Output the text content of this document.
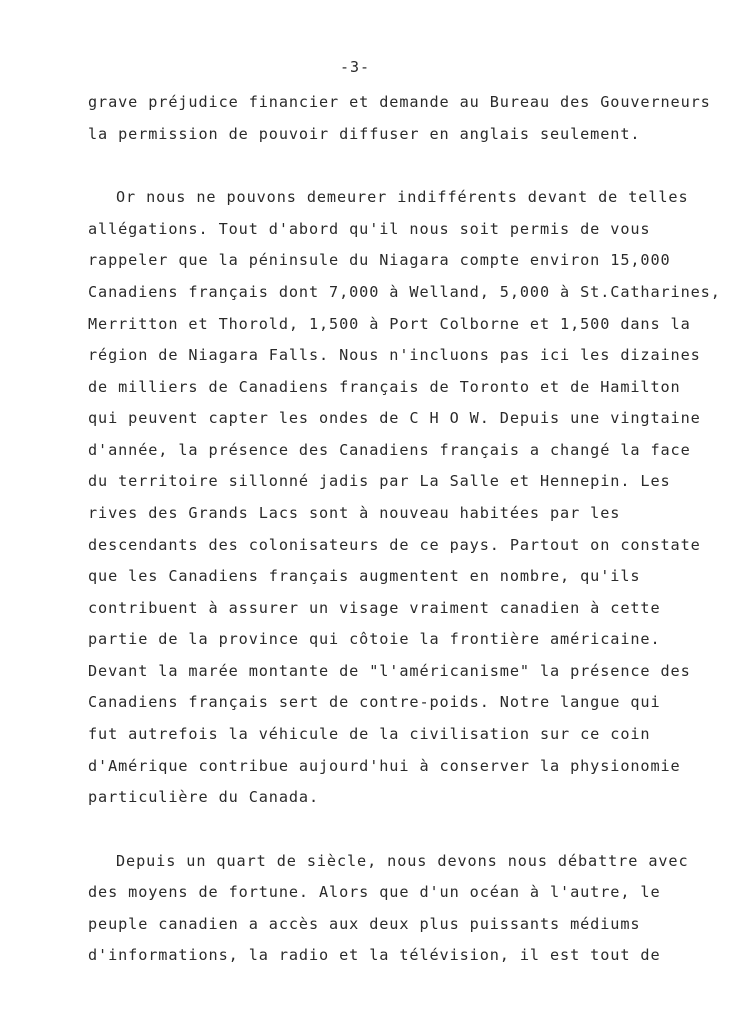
-3-
grave préjudice financier et demande au Bureau des Gouverneurs
la permission de pouvoir diffuser en anglais seulement.
Or nous ne pouvons demeurer indifférents devant de telles
allégations. Tout d'abord qu'il nous soit permis de vous
rappeler que la péninsule du Niagara compte environ 15,000
Canadiens français dont 7,000 à Welland, 5,000 à St.Catharines,
Merritton et Thorold, 1,500 à Port Colborne et 1,500 dans la
région de Niagara Falls. Nous n'incluons pas ici les dizaines
de milliers de Canadiens français de Toronto et de Hamilton
qui peuvent capter les ondes de C H O W. Depuis une vingtaine
d'année, la présence des Canadiens français a changé la face
du territoire sillonné jadis par La Salle et Hennepin. Les
rives des Grands Lacs sont à nouveau habitées par les
descendants des colonisateurs de ce pays. Partout on constate
que les Canadiens français augmentent en nombre, qu'ils
contribuent à assurer un visage vraiment canadien à cette
partie de la province qui côtoie la frontière américaine.
Devant la marée montante de "l'américanisme" la présence des
Canadiens français sert de contre-poids. Notre langue qui
fut autrefois la véhicule de la civilisation sur ce coin
d'Amérique contribue aujourd'hui à conserver la physionomie
particulière du Canada.
Depuis un quart de siècle, nous devons nous débattre avec
des moyens de fortune. Alors que d'un océan à l'autre, le
peuple canadien a accès aux deux plus puissants médiums
d'informations, la radio et la télévision, il est tout de
